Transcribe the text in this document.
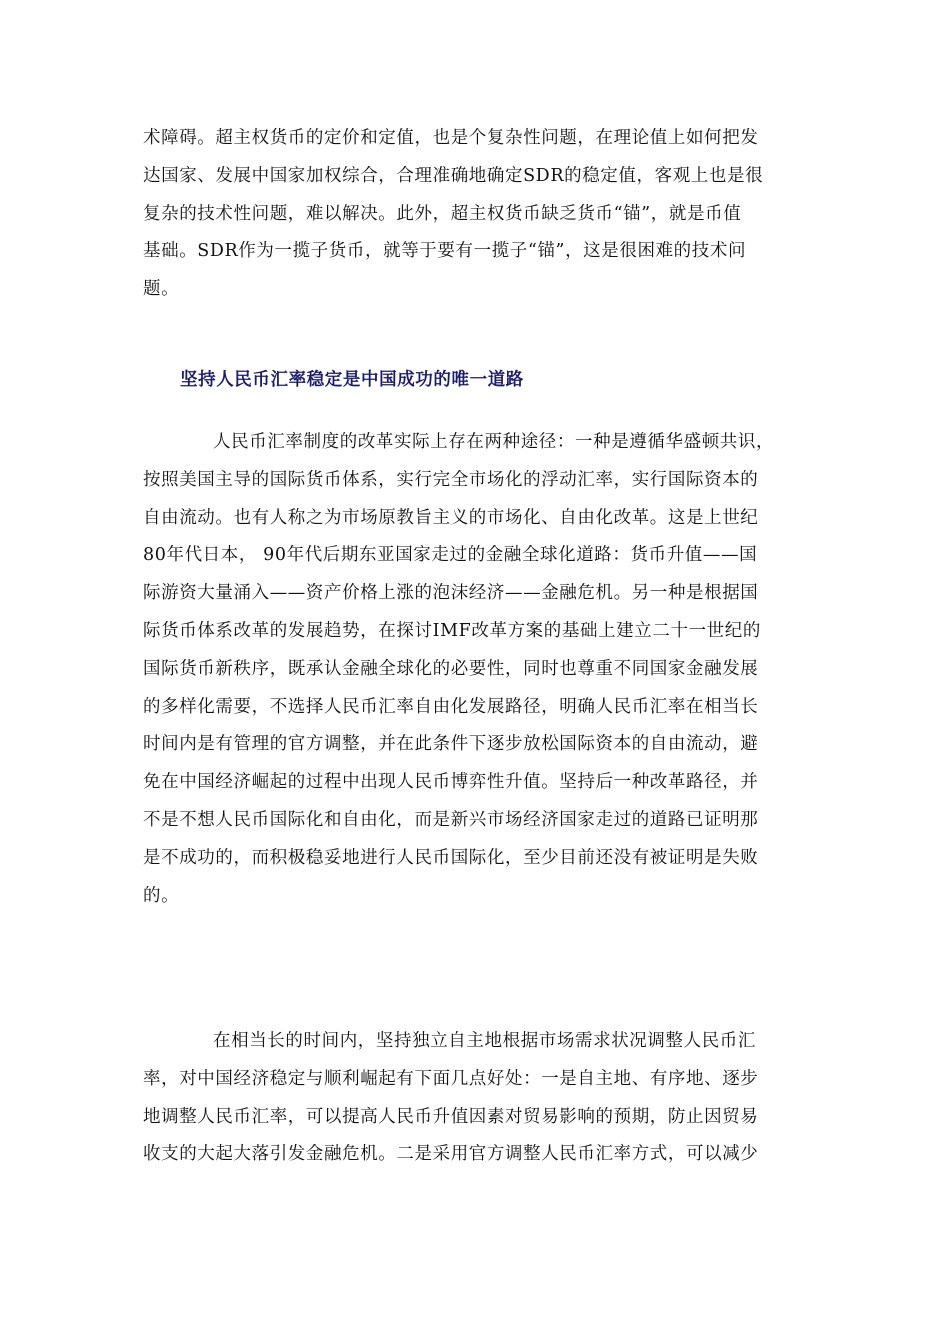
术障碍。超主权货币的定价和定值，也是个复杂性问题，在理论值上如何把发
达国家、发展中国家加权综合，合理准确地确定SDR的稳定值，客观上也是很
复杂的技术性问题，难以解决。此外，超主权货币缺乏货币“锚”，就是币值
基础。SDR作为一揽子货币，就等于要有一揽子“锚”，这是很困难的技术问
题。

坚持人民币汇率稳定是中国成功的唯一道路

人民币汇率制度的改革实际上存在两种途径：一种是遵循华盛顿共识，
按照美国主导的国际货币体系，实行完全市场化的浮动汇率，实行国际资本的
自由流动。也有人称之为市场原教旨主义的市场化、自由化改革。这是上世纪
80年代日本， 90年代后期东亚国家走过的金融全球化道路：货币升值——国
际游资大量涌入——资产价格上涨的泡沫经济——金融危机。另一种是根据国
际货币体系改革的发展趋势，在探讨IMF改革方案的基础上建立二十一世纪的
国际货币新秩序，既承认金融全球化的必要性，同时也尊重不同国家金融发展
的多样化需要，不选择人民币汇率自由化发展路径，明确人民币汇率在相当长
时间内是有管理的官方调整，并在此条件下逐步放松国际资本的自由流动，避
免在中国经济崛起的过程中出现人民币博弈性升值。坚持后一种改革路径，并
不是不想人民币国际化和自由化，而是新兴市场经济国家走过的道路已证明那
是不成功的，而积极稳妥地进行人民币国际化，至少目前还没有被证明是失败
的。

在相当长的时间内，坚持独立自主地根据市场需求状况调整人民币汇
率，对中国经济稳定与顺利崛起有下面几点好处：一是自主地、有序地、逐步
地调整人民币汇率，可以提高人民币升值因素对贸易影响的预期，防止因贸易
收支的大起大落引发金融危机。二是采用官方调整人民币汇率方式，可以减少
